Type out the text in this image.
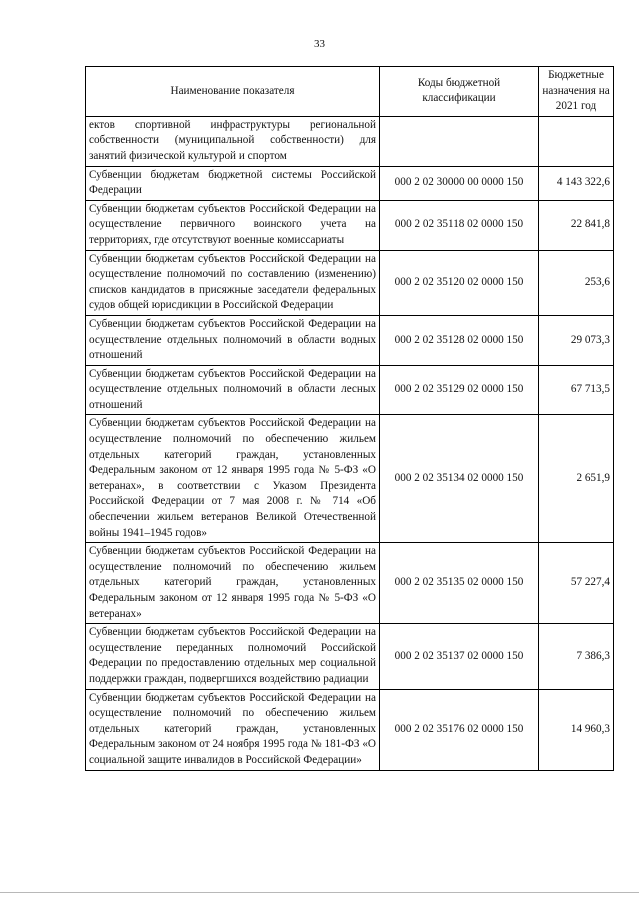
33
Наименование показателя	Коды бюджетной классификации	Бюджетные назначения на 2021 год
ектов спортивной инфраструктуры региональной собственности (муниципальной собственности) для занятий физической культурой и спортом		
Субвенции бюджетам бюджетной системы Российской Федерации	000 2 02 30000 00 0000 150	4 143 322,6
Субвенции бюджетам субъектов Российской Федерации на осуществление первичного воинского учета на территориях, где отсутствуют военные комиссариаты	000 2 02 35118 02 0000 150	22 841,8
Субвенции бюджетам субъектов Российской Федерации на осуществление полномочий по составлению (изменению) списков кандидатов в присяжные заседатели федеральных судов общей юрисдикции в Российской Федерации	000 2 02 35120 02 0000 150	253,6
Субвенции бюджетам субъектов Российской Федерации на осуществление отдельных полномочий в области водных отношений	000 2 02 35128 02 0000 150	29 073,3
Субвенции бюджетам субъектов Российской Федерации на осуществление отдельных полномочий в области лесных отношений	000 2 02 35129 02 0000 150	67 713,5
Субвенции бюджетам субъектов Российской Федерации на осуществление полномочий по обеспечению жильем отдельных категорий граждан, установленных Федеральным законом от 12 января 1995 года № 5-ФЗ «О ветеранах», в соответствии с Указом Президента Российской Федерации от 7 мая 2008 г. № 714 «Об обеспечении жильем ветеранов Великой Отечественной войны 1941–1945 годов»	000 2 02 35134 02 0000 150	2 651,9
Субвенции бюджетам субъектов Российской Федерации на осуществление полномочий по обеспечению жильем отдельных категорий граждан, установленных Федеральным законом от 12 января 1995 года № 5-ФЗ «О ветеранах»	000 2 02 35135 02 0000 150	57 227,4
Субвенции бюджетам субъектов Российской Федерации на осуществление переданных полномочий Российской Федерации по предоставлению отдельных мер социальной поддержки граждан, подвергшихся воздействию радиации	000 2 02 35137 02 0000 150	7 386,3
Субвенции бюджетам субъектов Российской Федерации на осуществление полномочий по обеспечению жильем отдельных категорий граждан, установленных Федеральным законом от 24 ноября 1995 года № 181-ФЗ «О социальной защите инвалидов в Российской Федерации»	000 2 02 35176 02 0000 150	14 960,3
